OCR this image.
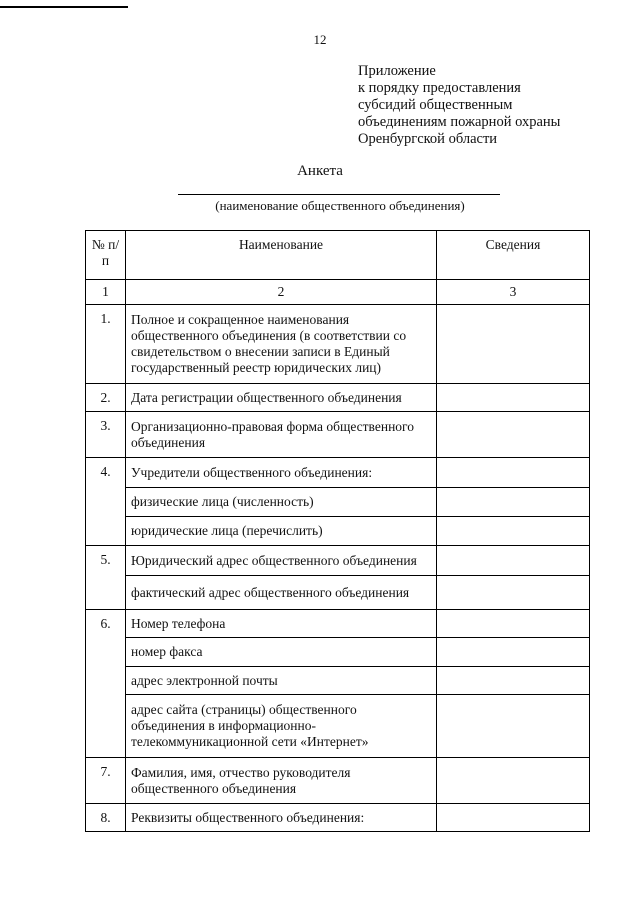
12
Приложение
к порядку предоставления
субсидий общественным
объединениям пожарной охраны
Оренбургской области
Анкета
(наименование общественного объединения)
№ п/п	Наименование	Сведения
1	2	3
1.	Полное и сокращенное наименования общественного объединения (в соответствии со свидетельством о внесении записи в Единый государственный реестр юридических лиц)	
2.	Дата регистрации общественного объединения	
3.	Организационно-правовая форма общественного объединения	
4.	Учредители общественного объединения:	
	физические лица (численность)	
	юридические лица (перечислить)	
5.	Юридический адрес общественного объединения	
	фактический адрес общественного объединения	
6.	Номер телефона	
	номер факса	
	адрес электронной почты	
	адрес сайта (страницы) общественного объединения в информационно-телекоммуникационной сети «Интернет»	
7.	Фамилия, имя, отчество руководителя общественного объединения	
8.	Реквизиты общественного объединения:	
